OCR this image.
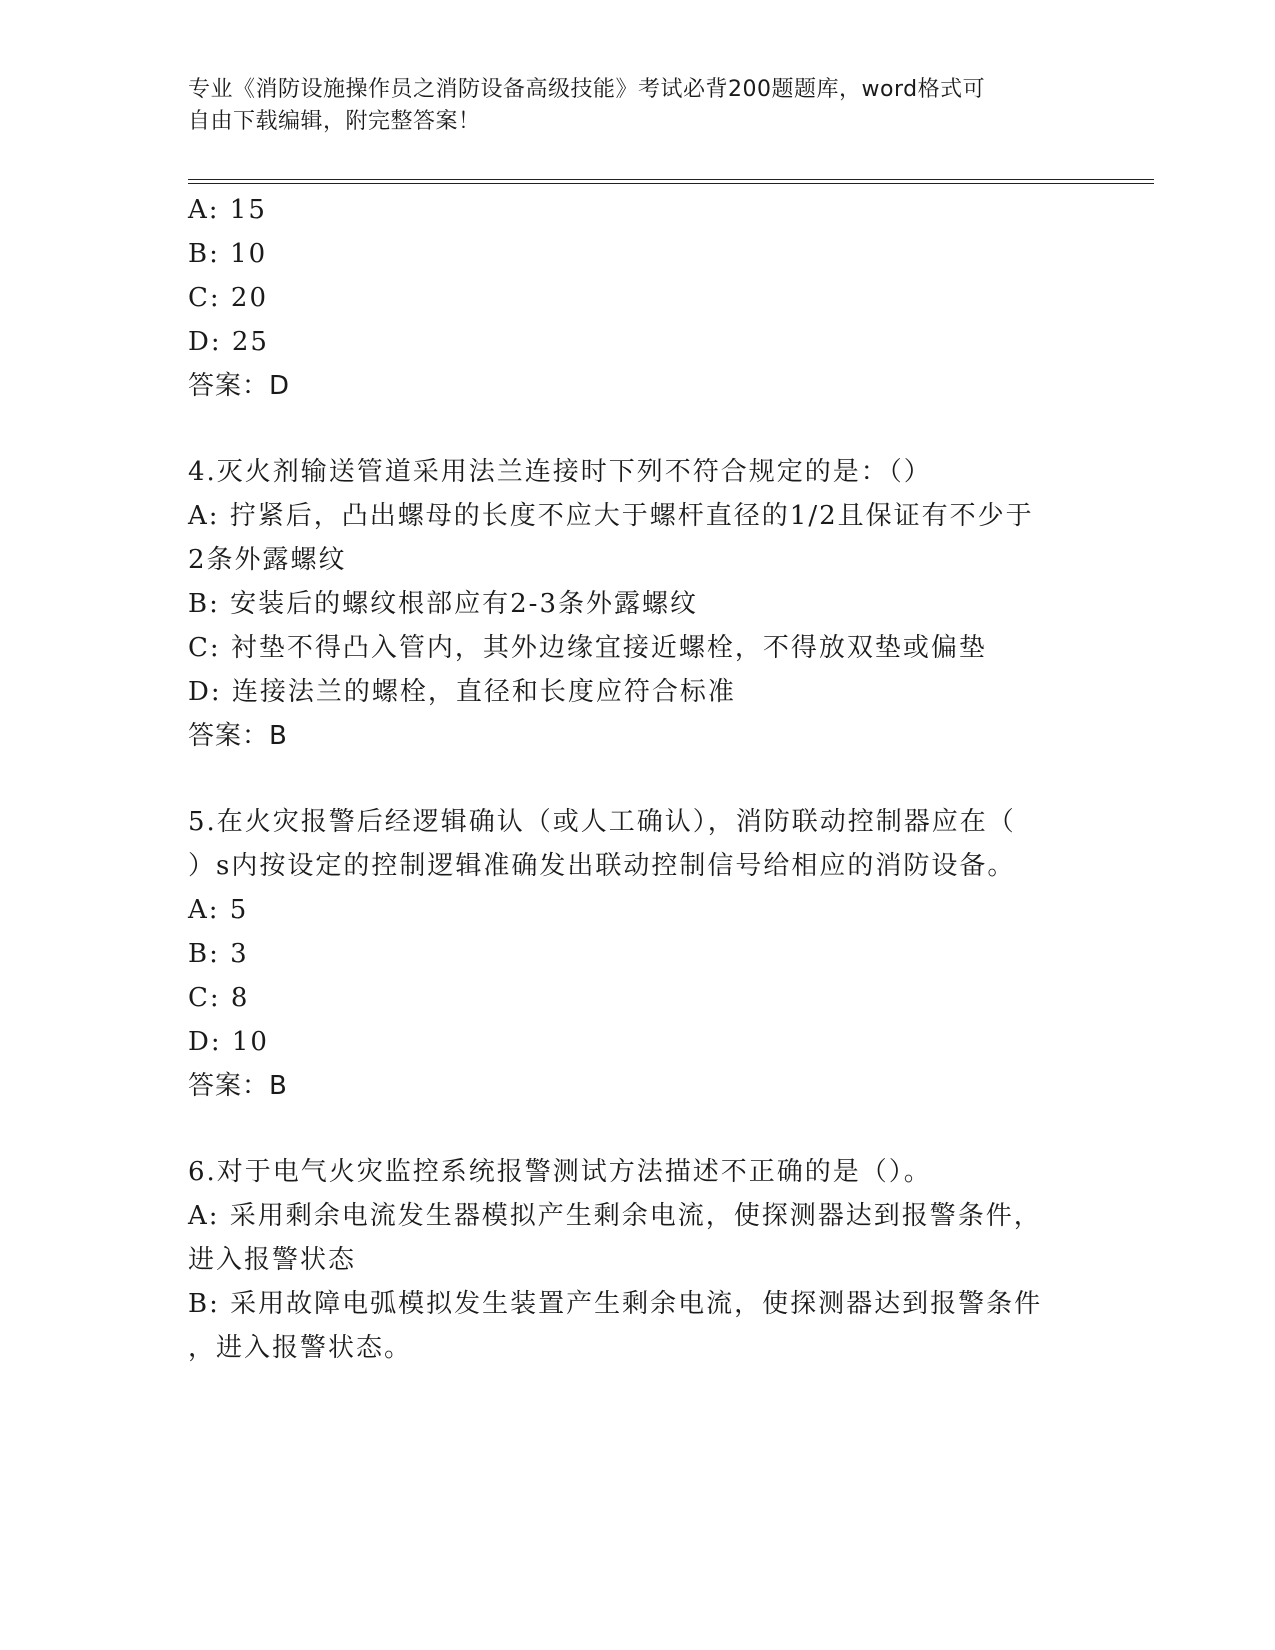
专业《消防设施操作员之消防设备高级技能》考试必背200题题库，word格式可
自由下载编辑，附完整答案！
A: 15
B: 10
C: 20
D: 25
答案：D
4.灭火剂输送管道采用法兰连接时下列不符合规定的是：（）
A: 拧紧后，凸出螺母的长度不应大于螺杆直径的1/2且保证有不少于
2条外露螺纹
B: 安装后的螺纹根部应有2-3条外露螺纹
C: 衬垫不得凸入管内，其外边缘宜接近螺栓，不得放双垫或偏垫
D: 连接法兰的螺栓，直径和长度应符合标准
答案：B
5.在火灾报警后经逻辑确认（或人工确认），消防联动控制器应在（
）s内按设定的控制逻辑准确发出联动控制信号给相应的消防设备。
A: 5
B: 3
C: 8
D: 10
答案：B
6.对于电气火灾监控系统报警测试方法描述不正确的是（）。
A: 采用剩余电流发生器模拟产生剩余电流，使探测器达到报警条件，
进入报警状态
B: 采用故障电弧模拟发生装置产生剩余电流，使探测器达到报警条件
，进入报警状态。
